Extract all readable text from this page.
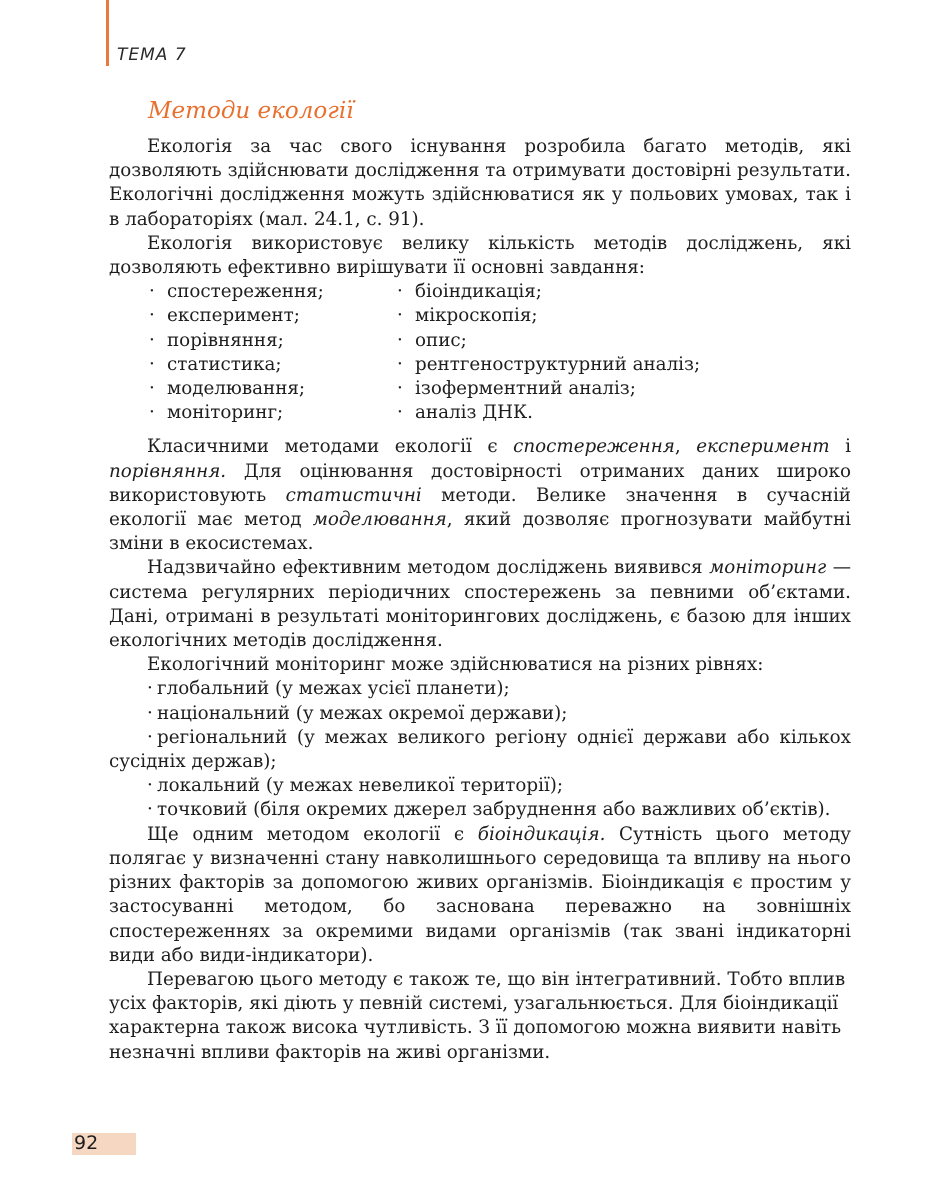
ТЕМА 7
Методи екології

Екологія за час свого існування розробила багато методів, які дозволяють здійснювати дослідження та отримувати достовірні результати. Екологічні дослідження можуть здійснюватися як у польових умовах, так і в лабораторіях (мал. 24.1, с. 91).

Екологія використовує велику кількість методів досліджень, які дозволяють ефективно вирішувати її основні завдання:

· спостереження;
· експеримент;
· порівняння;
· статистика;
· моделювання;
· моніторинг;
· біоіндикація;
· мікроскопія;
· опис;
· рентгеноструктурний аналіз;
· ізоферментний аналіз;
· аналіз ДНК.

Класичними методами екології є спостереження, експеримент і порівняння. Для оцінювання достовірності отриманих даних широко використовують статистичні методи. Велике значення в сучасній екології має метод моделювання, який дозволяє прогнозувати майбутні зміни в екосистемах.

Надзвичайно ефективним методом досліджень виявився моніторинг — система регулярних періодичних спостережень за певними об’єктами. Дані, отримані в результаті моніторингових досліджень, є базою для інших екологічних методів дослідження.

Екологічний моніторинг може здійснюватися на різних рівнях:

· глобальний (у межах усієї планети);
· національний (у межах окремої держави);
· регіональний (у межах великого регіону однієї держави або кількох сусідніх держав);
· локальний (у межах невеликої території);
· точковий (біля окремих джерел забруднення або важливих об’єктів).

Ще одним методом екології є біоіндикація. Сутність цього методу полягає у визначенні стану навколишнього середовища та впливу на нього різних факторів за допомогою живих організмів. Біоіндикація є простим у застосуванні методом, бо заснована переважно на зовнішніх спостереженнях за окремими видами організмів (так звані індикаторні види або види-індикатори).

Перевагою цього методу є також те, що він інтегративний. Тобто вплив усіх факторів, які діють у певній системі, узагальнюється. Для біоіндикації характерна також висока чутливість. З її допомогою можна виявити навіть незначні впливи факторів на живі організми.

92
